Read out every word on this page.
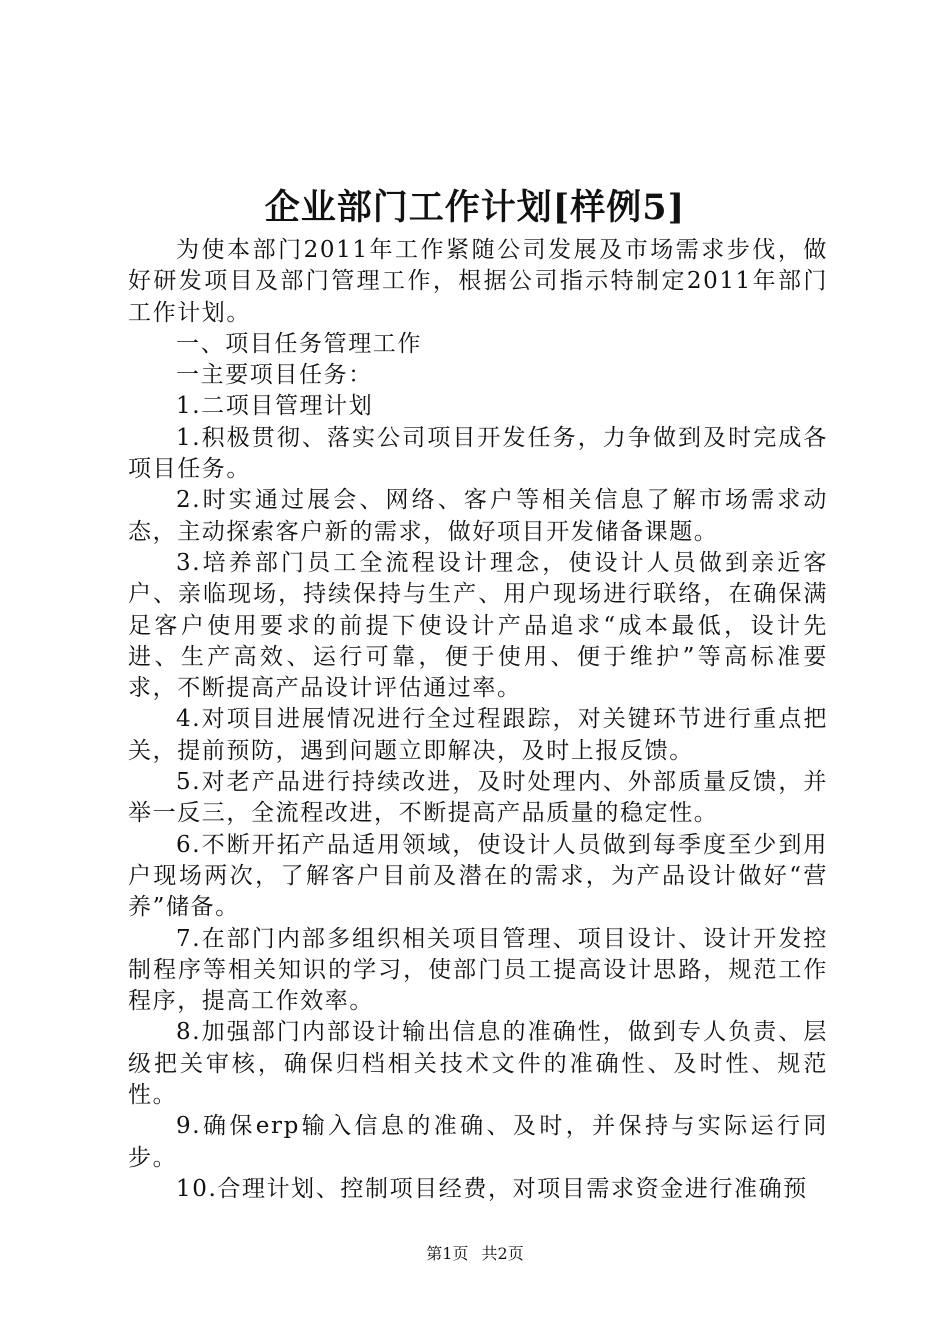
企业部门工作计划[样例5]

为使本部门2011年工作紧随公司发展及市场需求步伐，做好研发项目及部门管理工作，根据公司指示特制定2011年部门工作计划。

一、项目任务管理工作

一主要项目任务：

1.二项目管理计划

1.积极贯彻、落实公司项目开发任务，力争做到及时完成各项目任务。

2.时实通过展会、网络、客户等相关信息了解市场需求动态，主动探索客户新的需求，做好项目开发储备课题。

3.培养部门员工全流程设计理念，使设计人员做到亲近客户、亲临现场，持续保持与生产、用户现场进行联络，在确保满足客户使用要求的前提下使设计产品追求“成本最低，设计先进、生产高效、运行可靠，便于使用、便于维护”等高标准要求，不断提高产品设计评估通过率。

4.对项目进展情况进行全过程跟踪，对关键环节进行重点把关，提前预防，遇到问题立即解决，及时上报反馈。

5.对老产品进行持续改进，及时处理内、外部质量反馈，并举一反三，全流程改进，不断提高产品质量的稳定性。

6.不断开拓产品适用领域，使设计人员做到每季度至少到用户现场两次，了解客户目前及潜在的需求，为产品设计做好“营养”储备。

7.在部门内部多组织相关项目管理、项目设计、设计开发控制程序等相关知识的学习，使部门员工提高设计思路，规范工作程序，提高工作效率。

8.加强部门内部设计输出信息的准确性，做到专人负责、层级把关审核，确保归档相关技术文件的准确性、及时性、规范性。

9.确保erp输入信息的准确、及时，并保持与实际运行同步。

10.合理计划、控制项目经费，对项目需求资金进行准确预

第1页 共2页
